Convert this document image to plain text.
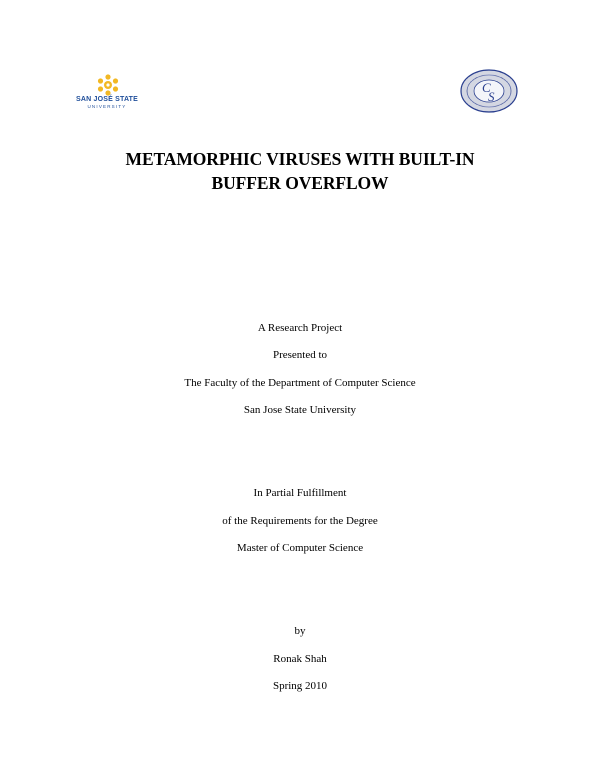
SAN JOSÉ STATE
UNIVERSITY
C
S
METAMORPHIC VIRUSES WITH BUILT-IN
BUFFER OVERFLOW
A Research Project
Presented to
The Faculty of the Department of Computer Science
San Jose State University
In Partial Fulfillment
of the Requirements for the Degree
Master of Computer Science
by
Ronak Shah
Spring 2010
